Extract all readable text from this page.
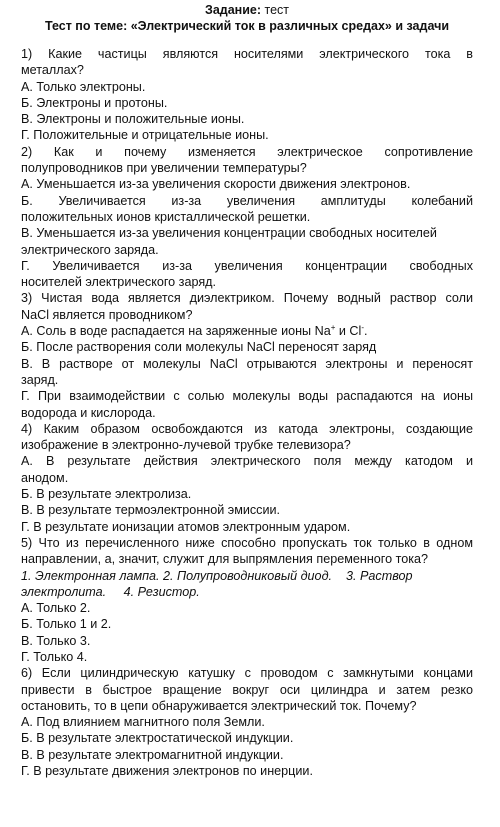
Задание: тест
Тест по теме: «Электрический ток в различных средах» и задачи
1) Какие частицы являются носителями электрического тока в
металлах?
А. Только электроны.
Б. Электроны и протоны.
В. Электроны и положительные ионы.
Г. Положительные и отрицательные ионы.
2) Как и почему изменяется электрическое сопротивление
полупроводников при увеличении температуры?
А. Уменьшается из-за увеличения скорости движения электронов.
Б. Увеличивается из-за увеличения амплитуды колебаний
положительных ионов кристаллической решетки.
В. Уменьшается из-за увеличения концентрации свободных носителей
электрического заряда.
Г. Увеличивается из-за увеличения концентрации свободных
носителей электрического заряд.
3) Чистая вода является диэлектриком. Почему водный раствор соли
NaCl является проводником?
А. Соль в воде распадается на заряженные ионы Na+ и Cl-.
Б. После растворения соли молекулы NaCl переносят заряд
В. В растворе от молекулы NaCl отрываются электроны и переносят
заряд.
Г. При взаимодействии с солью молекулы воды распадаются на ионы
водорода и кислорода.
4) Каким образом освобождаются из катода электроны, создающие
изображение в электронно-лучевой трубке телевизора?
А. В результате действия электрического поля между катодом и
анодом.
Б. В результате электролиза.
В. В результате термоэлектронной эмиссии.
Г. В результате ионизации атомов электронным ударом.
5) Что из перечисленного ниже способно пропускать ток только в одном
направлении, а, значит, служит для выпрямления переменного тока?
1. Электронная лампа. 2. Полупроводниковый диод.    3. Раствор
электролита.     4. Резистор.
А. Только 2.
Б. Только 1 и 2.
В. Только 3.
Г. Только 4.
6) Если цилиндрическую катушку с проводом с замкнутыми концами
привести в быстрое вращение вокруг оси цилиндра и затем резко
остановить, то в цепи обнаруживается электрический ток. Почему?
А. Под влиянием магнитного поля Земли.
Б. В результате электростатической индукции.
В. В результате электромагнитной индукции.
Г. В результате движения электронов по инерции.
